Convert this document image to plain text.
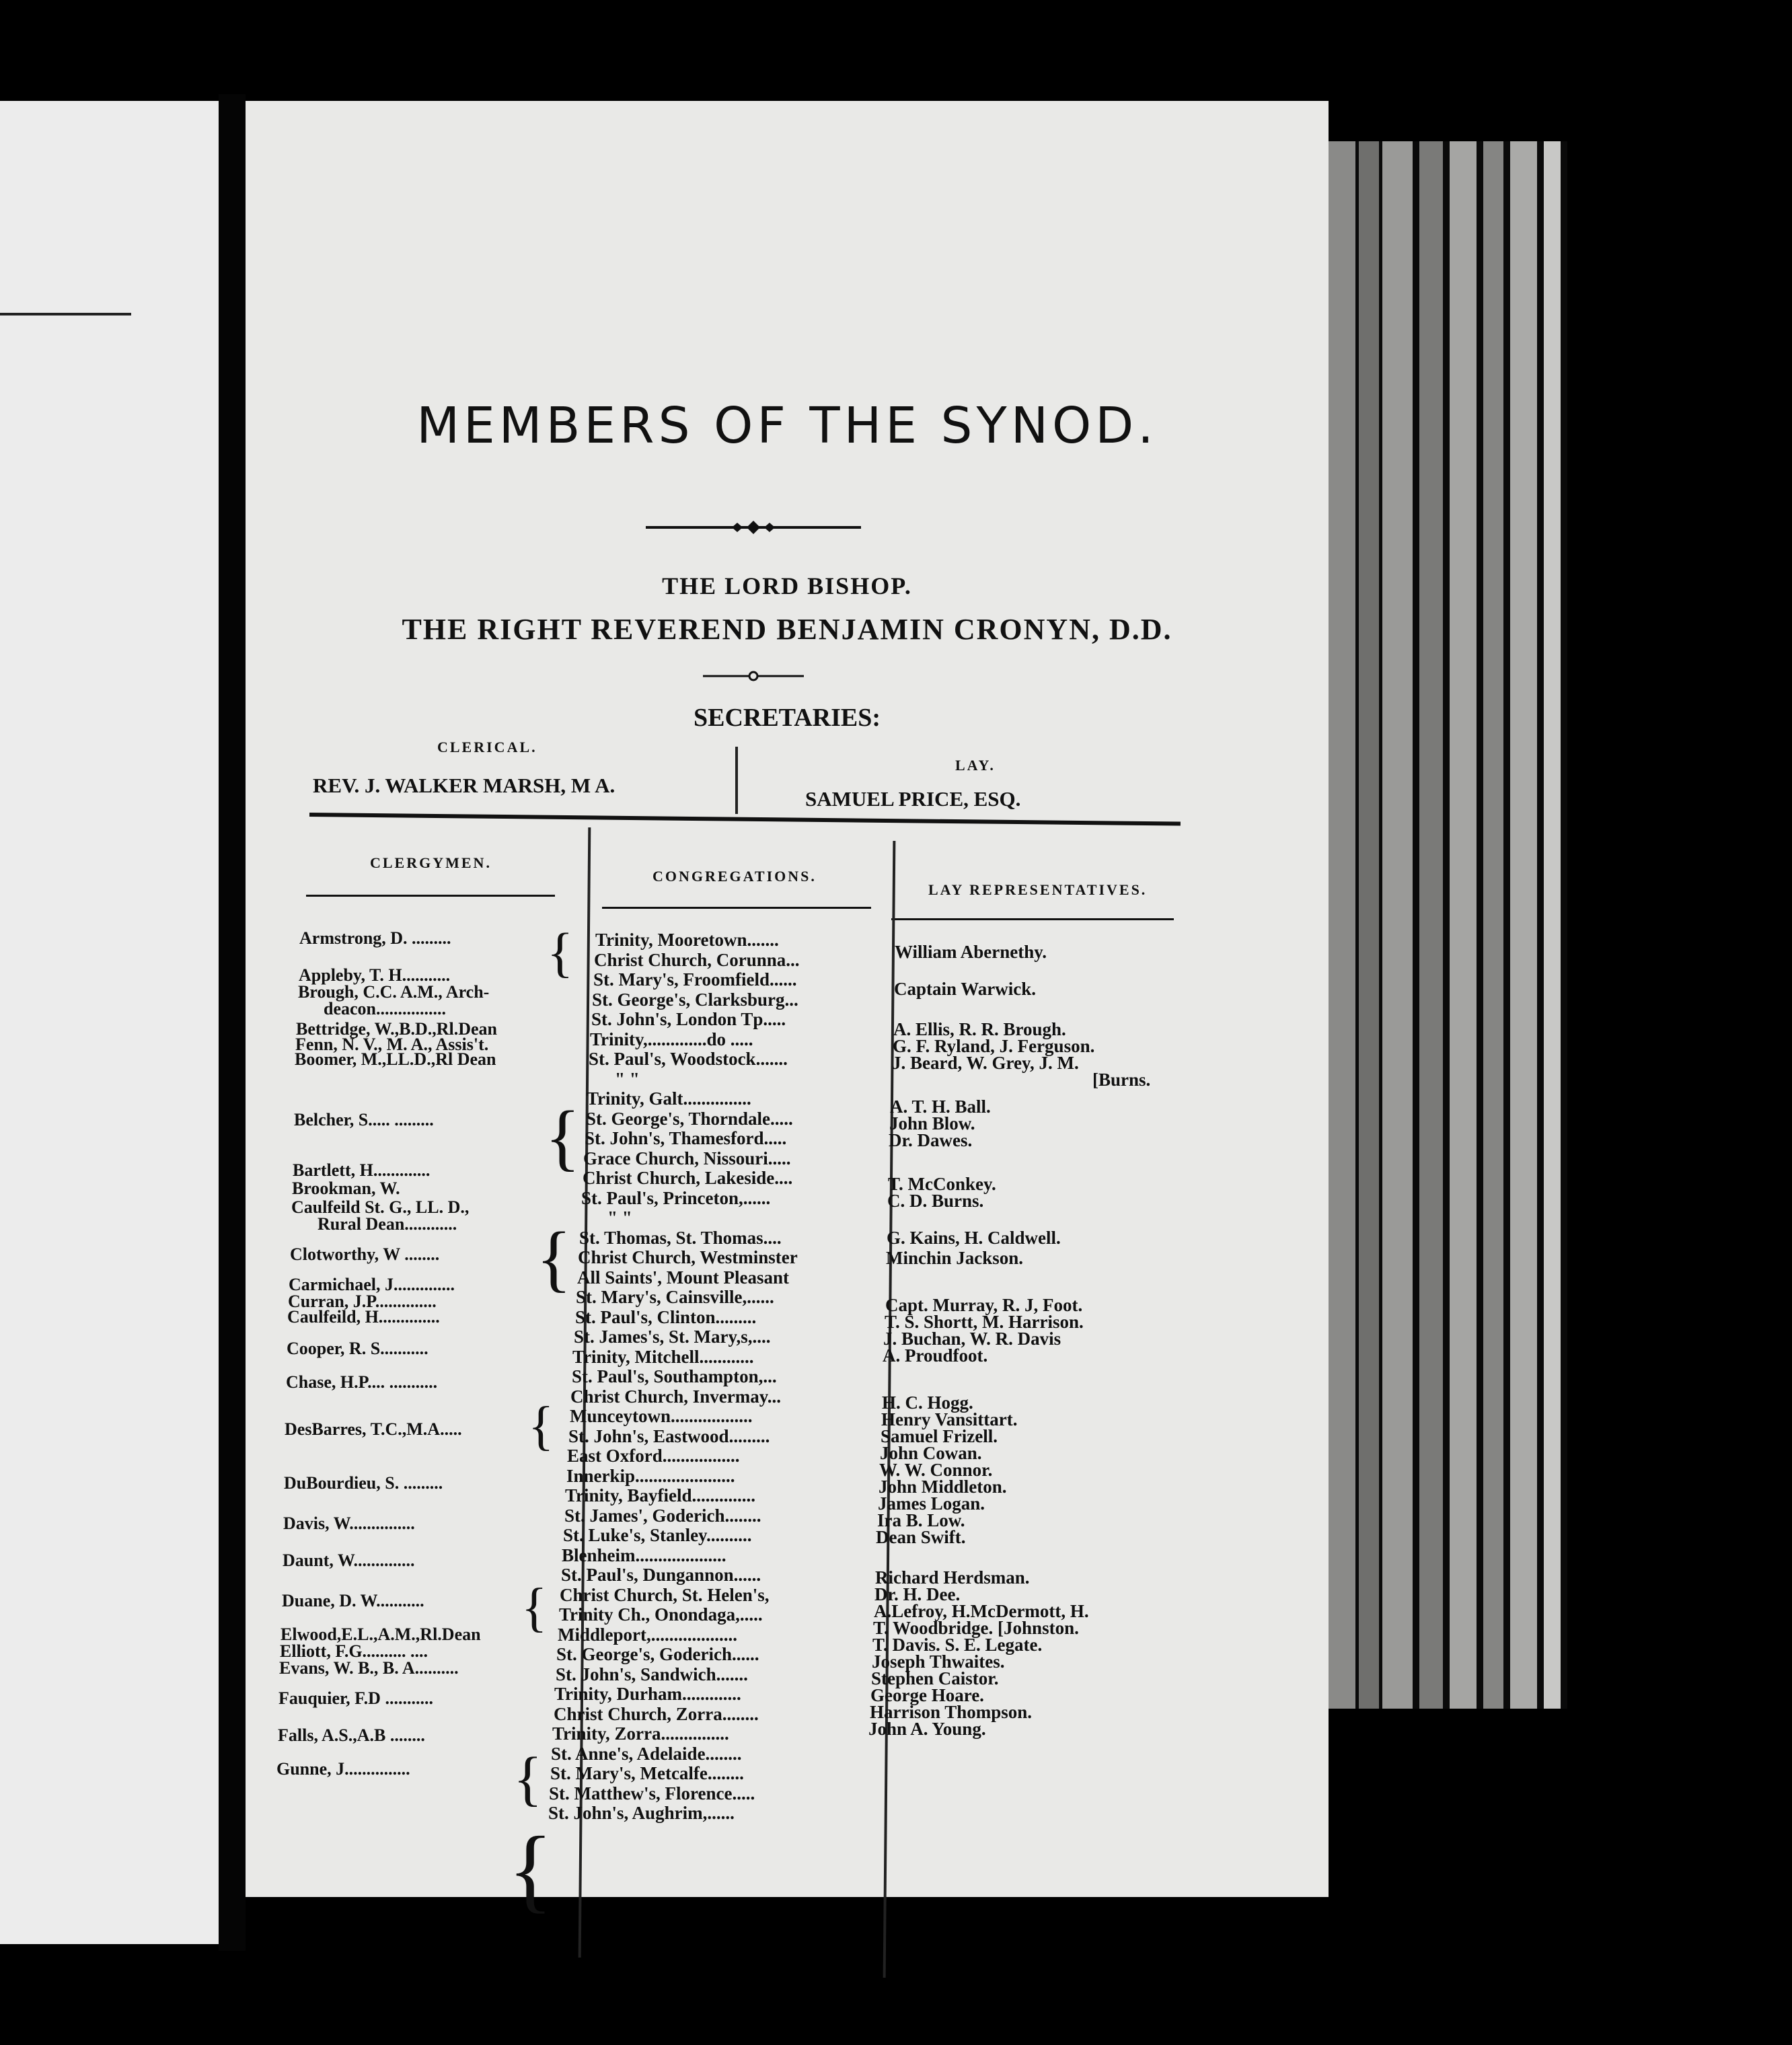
MEMBERS OF THE SYNOD.
THE LORD BISHOP.
THE RIGHT REVEREND BENJAMIN CRONYN, D.D.
SECRETARIES:
CLERICAL.
LAY.
REV. J. WALKER MARSH, M A.
SAMUEL PRICE, ESQ.
CLERGYMEN.
CONGREGATIONS.
LAY REPRESENTATIVES.
Armstrong, D. .........
Appleby, T. H...........
Brough, C.C. A.M., Arch-
deacon................
Bettridge, W.,B.D.,Rl.Dean
Fenn, N. V., M. A., Assis't.
Boomer, M.,LL.D.,Rl Dean
Belcher, S..... .........
Bartlett, H.............
Brookman, W.
Caulfeild St. G., LL. D.,
Rural Dean............
Clotworthy, W ........
Carmichael, J..............
Curran, J.P..............
Caulfeild, H..............
Cooper, R. S...........
Chase, H.P.... ...........
DesBarres, T.C.,M.A.....
DuBourdieu, S. .........
Davis, W...............
Daunt, W..............
Duane, D. W...........
Elwood,E.L.,A.M.,Rl.Dean
Elliott, F.G.......... ....
Evans, W. B., B. A..........
Fauquier, F.D ...........
Falls, A.S.,A.B ........
Gunne, J...............
Trinity, Mooretown.......
Christ Church, Corunna...
St. Mary's, Froomfield......
St. George's, Clarksburg...
St. John's, London Tp.....
Trinity,.............do .....
St. Paul's, Woodstock.......
" "
Trinity, Galt...............
St. George's, Thorndale.....
St. John's, Thamesford.....
Grace Church, Nissouri.....
Christ Church, Lakeside....
St. Paul's, Princeton,......
" "
St. Thomas, St. Thomas....
Christ Church, Westminster
All Saints', Mount Pleasant
St. Mary's, Cainsville,......
St. Paul's, Clinton.........
St. James's, St. Mary,s,....
Trinity, Mitchell............
St. Paul's, Southampton,...
Christ Church, Invermay...
Munceytown..................
St. John's, Eastwood.........
East Oxford.................
Innerkip......................
Trinity, Bayfield..............
St. James', Goderich........
St. Luke's, Stanley..........
Blenheim....................
St. Paul's, Dungannon......
Christ Church, St. Helen's,
Trinity Ch., Onondaga,.....
Middleport,...................
St. George's, Goderich......
St. John's, Sandwich.......
Trinity, Durham.............
Christ Church, Zorra........
Trinity, Zorra...............
St. Anne's, Adelaide........
St. Mary's, Metcalfe........
St. Matthew's, Florence.....
St. John's, Aughrim,......
William Abernethy.
Captain Warwick.
A. Ellis, R. R. Brough.
G. F. Ryland, J. Ferguson.
J. Beard, W. Grey, J. M.
[Burns.
A. T. H. Ball.
John Blow.
Dr. Dawes.
T. McConkey.
C. D. Burns.
G. Kains, H. Caldwell.
Minchin Jackson.
Capt. Murray, R. J, Foot.
T. S. Shortt, M. Harrison.
J. Buchan, W. R. Davis
A. Proudfoot.
H. C. Hogg.
Henry Vansittart.
Samuel Frizell.
John Cowan.
W. W. Connor.
John Middleton.
James Logan.
Ira B. Low.
Dean Swift.
Richard Herdsman.
Dr. H. Dee.
A.Lefroy, H.McDermott, H.
T. Woodbridge. [Johnston.
T. Davis. S. E. Legate.
Joseph Thwaites.
Stephen Caistor.
George Hoare.
Harrison Thompson.
John A. Young.
{
{
{
{
{
{
{
